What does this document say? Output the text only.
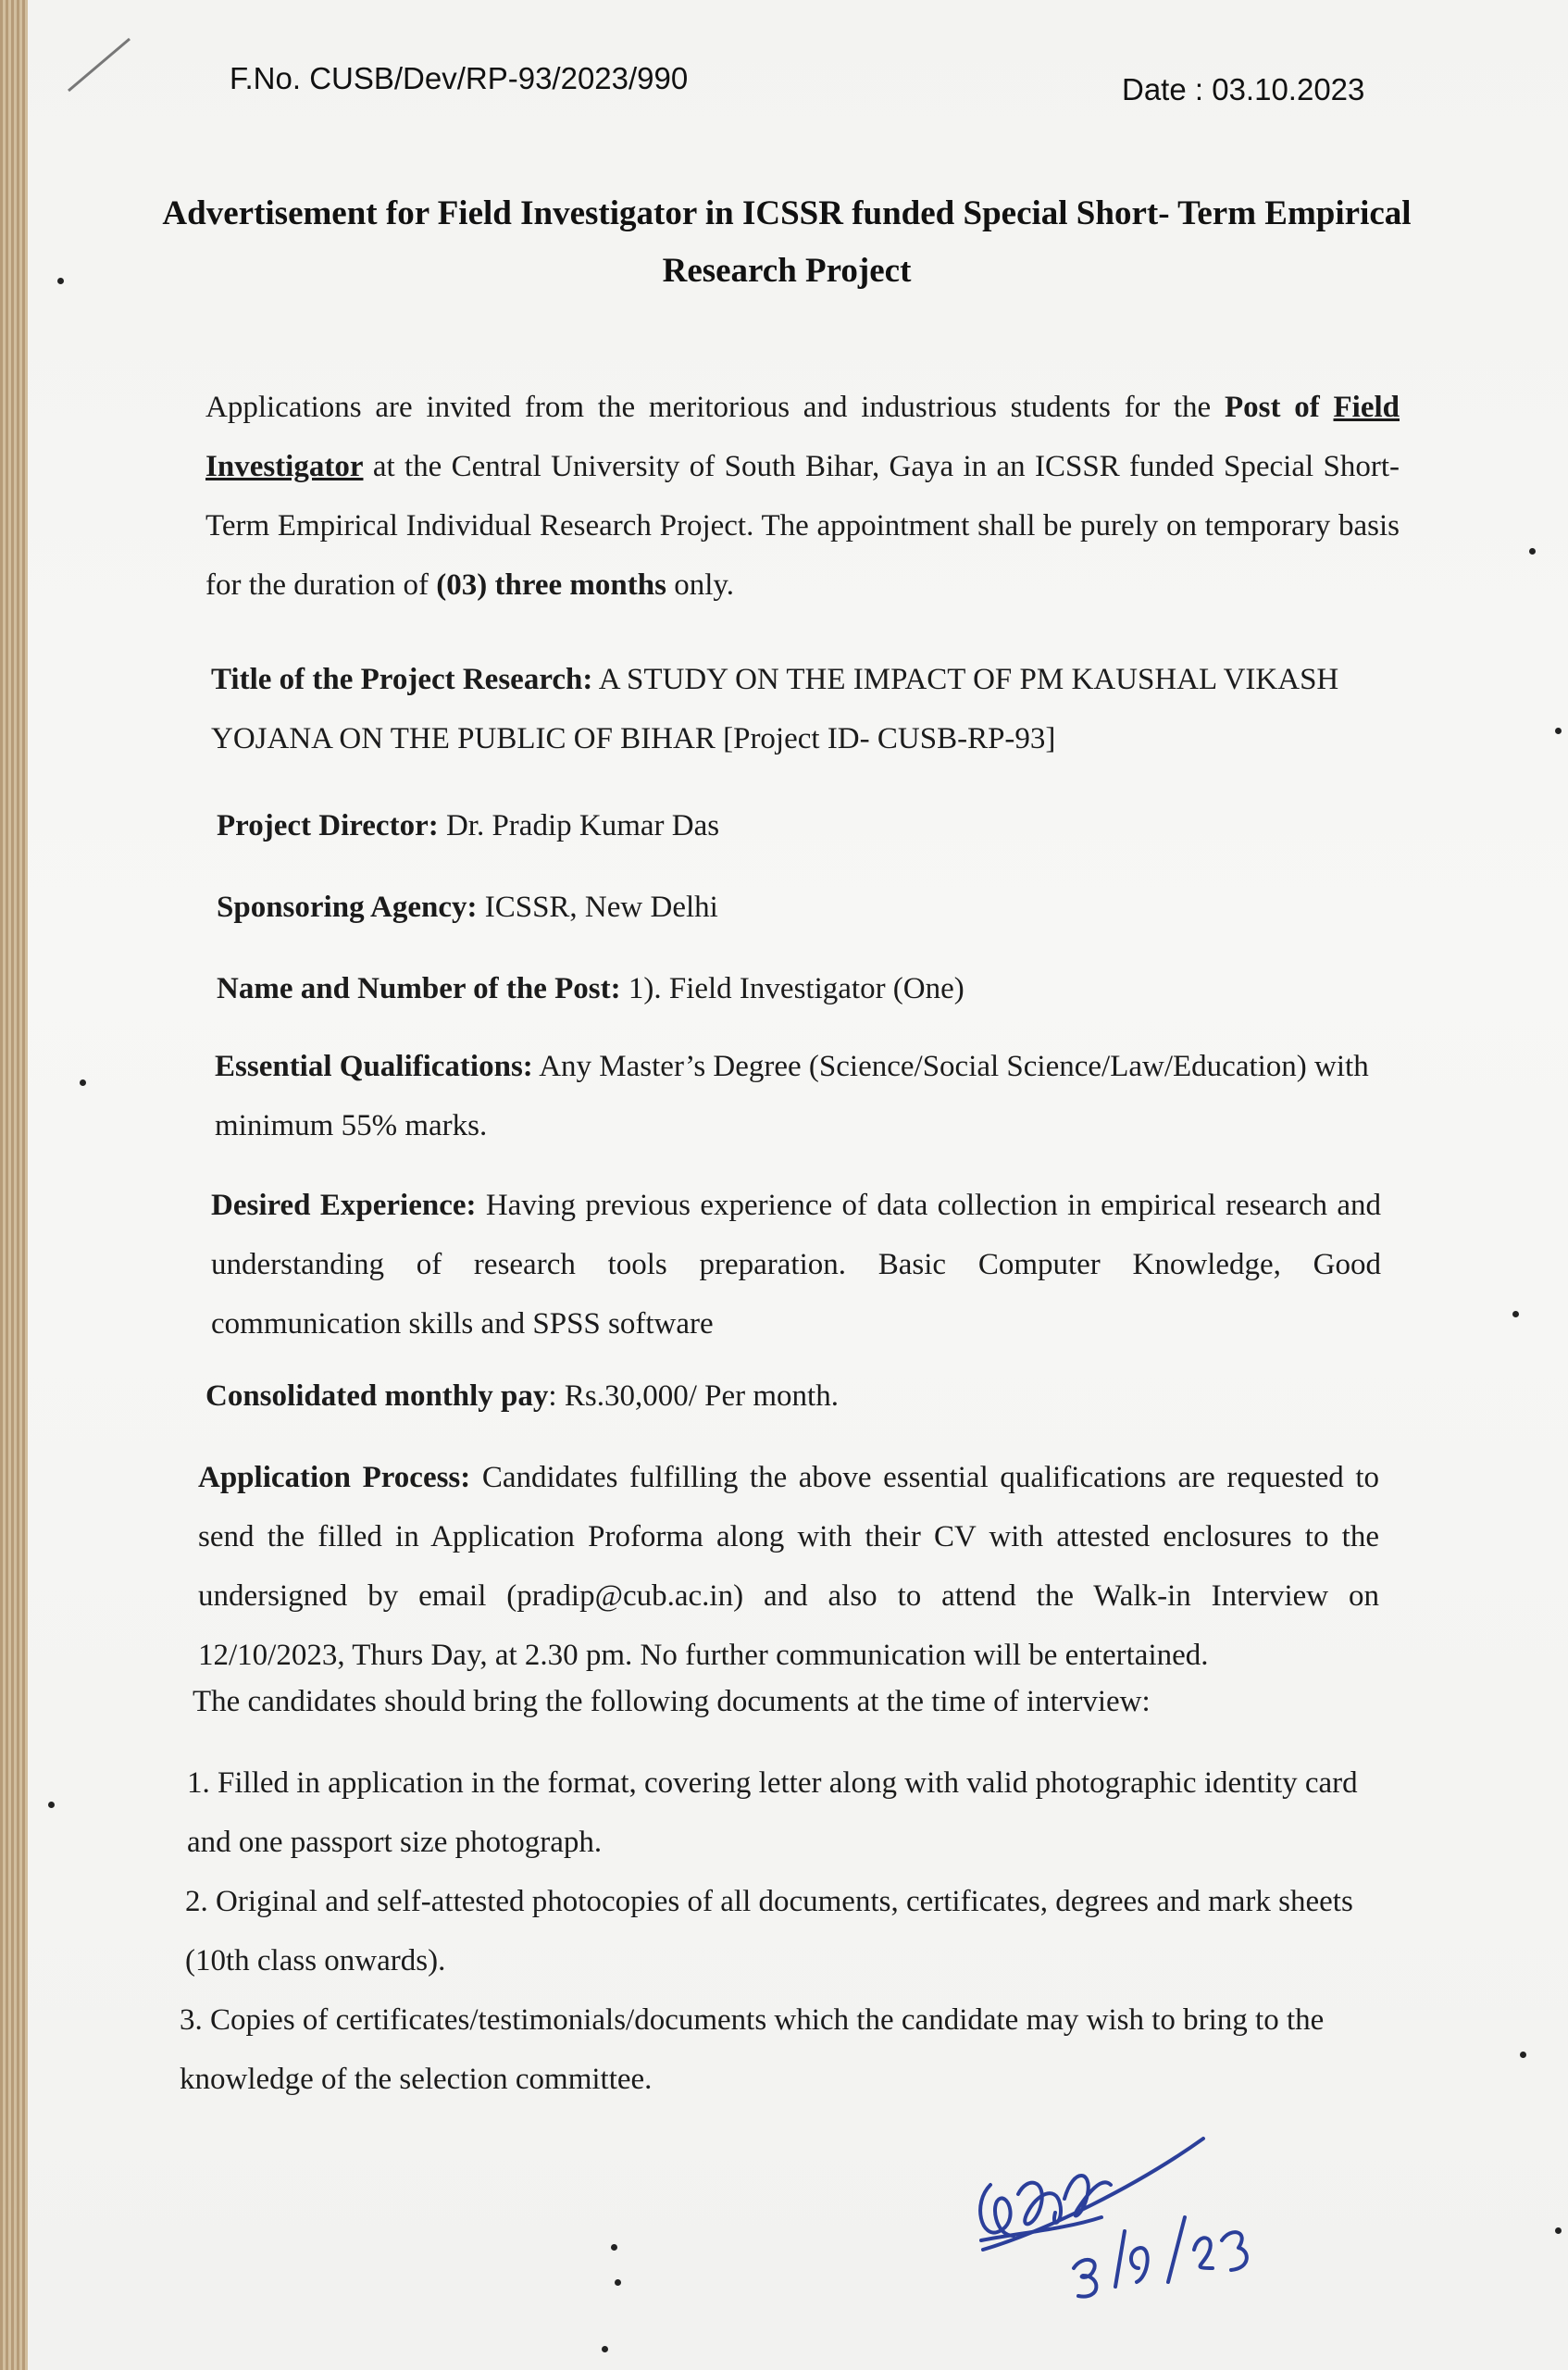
F.No. CUSB/Dev/RP-93/2023/990	Date : 03.10.2023
Advertisement for Field Investigator in ICSSR funded Special Short- Term Empirical Research Project
Applications are invited from the meritorious and industrious students for the Post of Field Investigator at the Central University of South Bihar, Gaya in an ICSSR funded Special Short-Term Empirical Individual Research Project. The appointment shall be purely on temporary basis for the duration of (03) three months only.
Title of the Project Research: A STUDY ON THE IMPACT OF PM KAUSHAL VIKASH YOJANA ON THE PUBLIC OF BIHAR [Project ID- CUSB-RP-93]
Project Director: Dr. Pradip Kumar Das
Sponsoring Agency: ICSSR, New Delhi
Name and Number of the Post: 1). Field Investigator (One)
Essential Qualifications: Any Master’s Degree (Science/Social Science/Law/Education) with minimum 55% marks.
Desired Experience: Having previous experience of data collection in empirical research and understanding of research tools preparation. Basic Computer Knowledge, Good communication skills and SPSS software
Consolidated monthly pay: Rs.30,000/ Per month.
Application Process: Candidates fulfilling the above essential qualifications are requested to send the filled in Application Proforma along with their CV with attested enclosures to the undersigned by email (pradip@cub.ac.in) and also to attend the Walk-in Interview on 12/10/2023, Thurs Day, at 2.30 pm. No further communication will be entertained.
The candidates should bring the following documents at the time of interview:
1. Filled in application in the format, covering letter along with valid photographic identity card and one passport size photograph.
2. Original and self-attested photocopies of all documents, certificates, degrees and mark sheets (10th class onwards).
3. Copies of certificates/testimonials/documents which the candidate may wish to bring to the knowledge of the selection committee.
